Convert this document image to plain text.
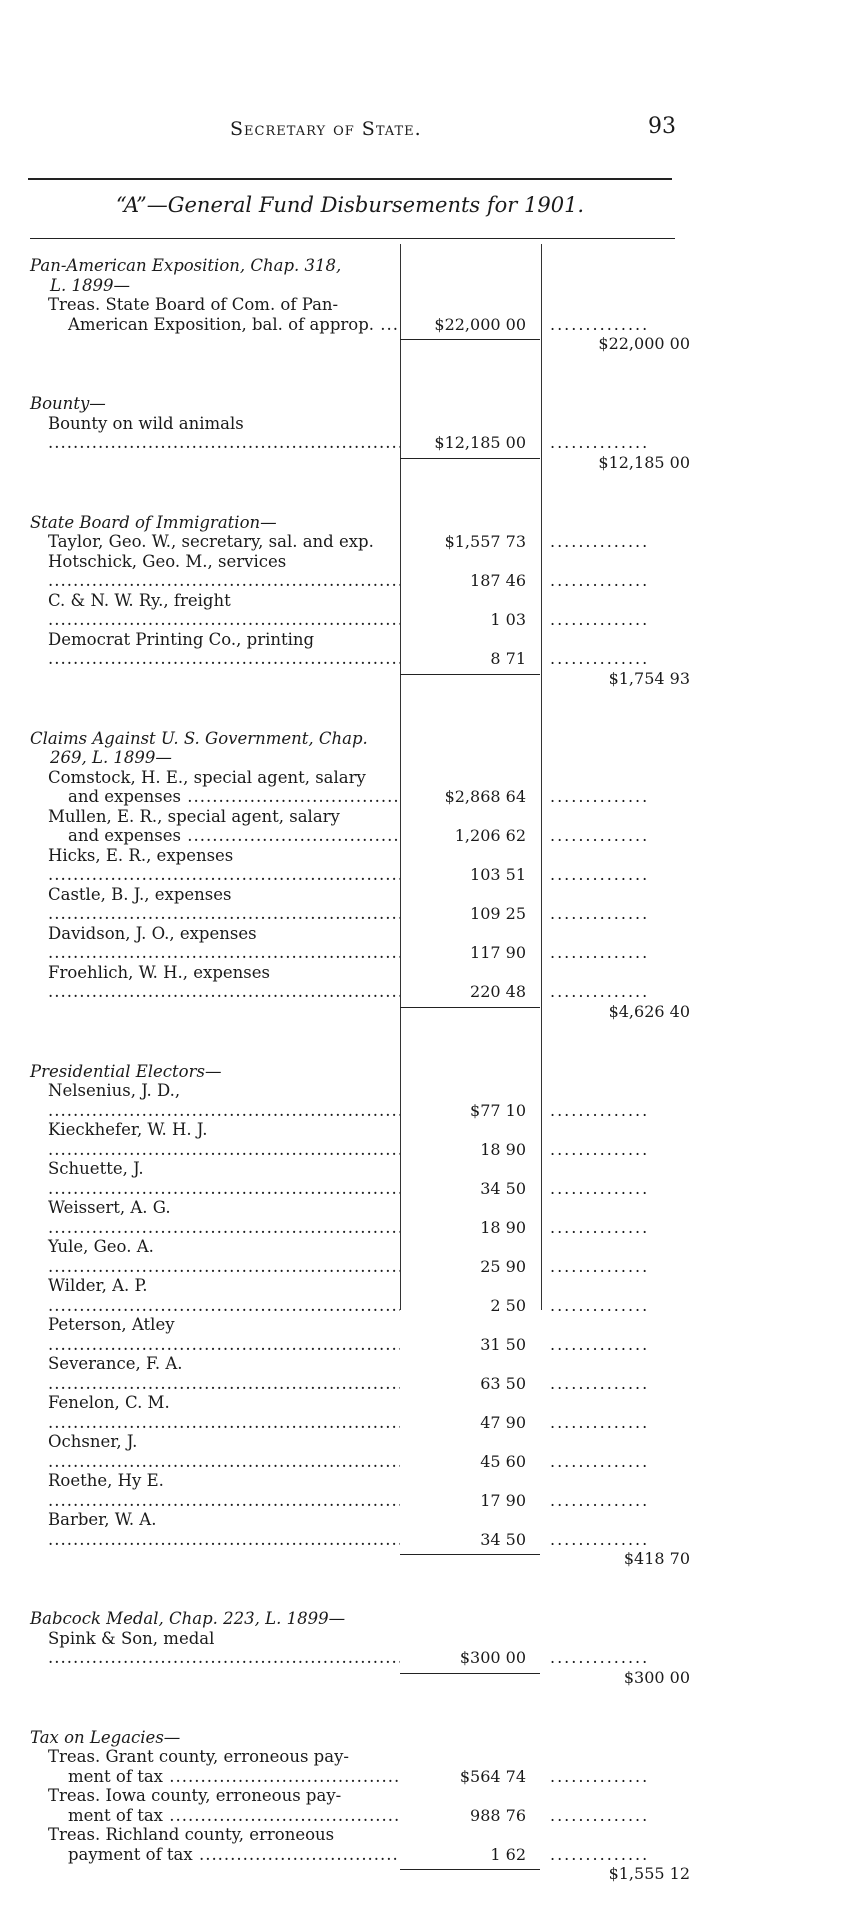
Secretary of State.	93
“A”—General Fund Disbursements for 1901.
Pan-American Exposition, Chap. 318,
L. 1899—
Treas. State Board of Com. of Pan-
American Exposition, bal. of approp. .....	$22,000 00	..............
$22,000 00
Bounty—
Bounty on wild animals .....
$12,185 00	..............
$12,185 00
State Board of Immigration—
Taylor, Geo. W., secretary, sal. and exp.	$1,557 73	..............
Hotschick, Geo. M., services .....
187 46	..............
C. & N. W. Ry., freight .....
1 03	..............
Democrat Printing Co., printing .....
8 71	..............
$1,754 93
Claims Against U. S. Government, Chap.
269, L. 1899—
Comstock, H. E., special agent, salary
and expenses .....	$2,868 64	..............
Mullen, E. R., special agent, salary
and expenses .....	1,206 62	..............
Hicks, E. R., expenses .....
103 51	..............
Castle, B. J., expenses .....
109 25	..............
Davidson, J. O., expenses .....
117 90	..............
Froehlich, W. H., expenses .....
220 48	..............
$4,626 40
Presidential Electors—
Nelsenius, J. D., .....
$77 10	..............
Kieckhefer, W. H. J. .....
18 90	..............
Schuette, J. .....
34 50	..............
Weissert, A. G. .....
18 90	..............
Yule, Geo. A. .....
25 90	..............
Wilder, A. P. .....
2 50	..............
Peterson, Atley .....
31 50	..............
Severance, F. A. .....
63 50	..............
Fenelon, C. M. .....
47 90	..............
Ochsner, J. .....
45 60	..............
Roethe, Hy E. .....
17 90	..............
Barber, W. A. .....
34 50	..............
$418 70
Babcock Medal, Chap. 223, L. 1899—
Spink & Son, medal .....
$300 00	..............
$300 00
Tax on Legacies—
Treas. Grant county, erroneous pay-
ment of tax .....	$564 74	..............
Treas. Iowa county, erroneous pay-
ment of tax .....	988 76	..............
Treas. Richland county, erroneous
payment of tax .....	1 62	..............
$1,555 12
